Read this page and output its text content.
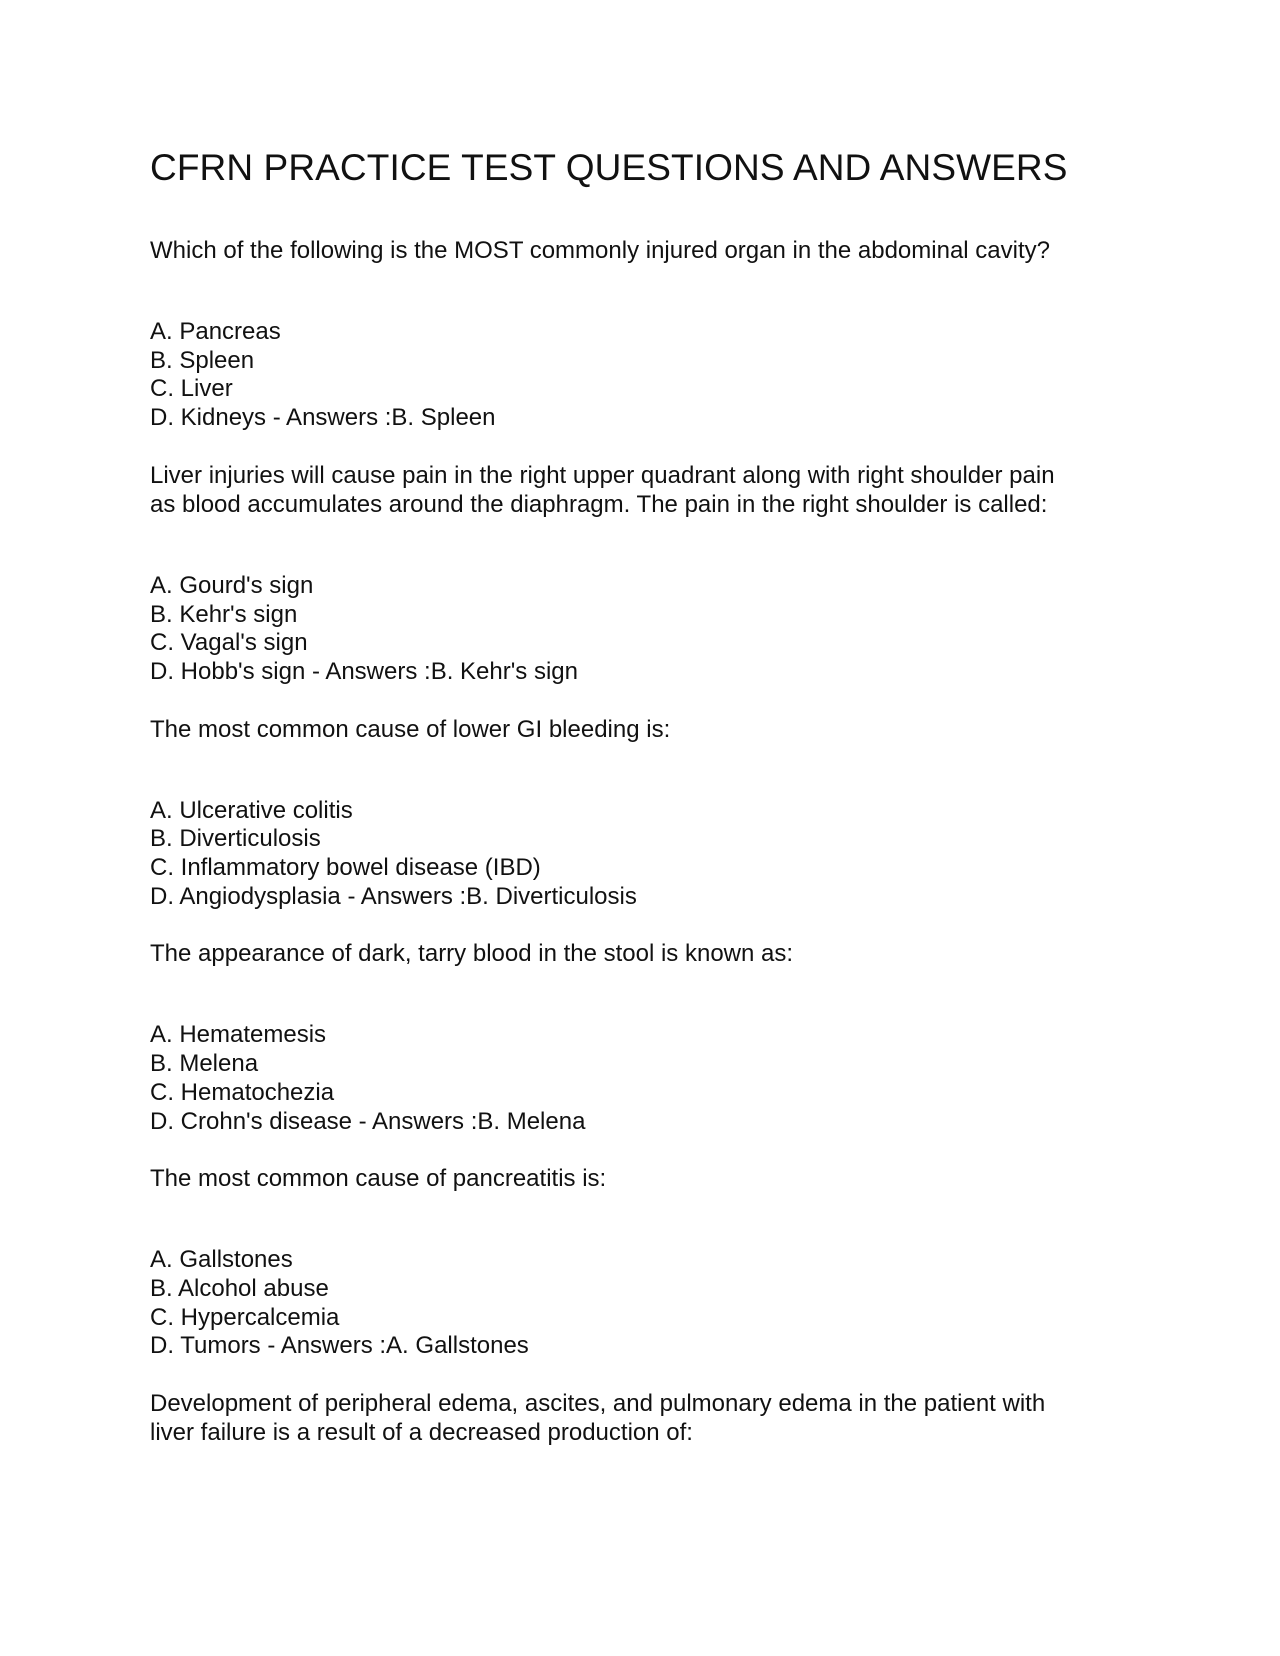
CFRN PRACTICE TEST QUESTIONS AND ANSWERS

Which of the following is the MOST commonly injured organ in the abdominal cavity?

A. Pancreas
B. Spleen
C. Liver
D. Kidneys - Answers :B. Spleen

Liver injuries will cause pain in the right upper quadrant along with right shoulder pain
as blood accumulates around the diaphragm. The pain in the right shoulder is called:

A. Gourd's sign
B. Kehr's sign
C. Vagal's sign
D. Hobb's sign - Answers :B. Kehr's sign

The most common cause of lower GI bleeding is:

A. Ulcerative colitis
B. Diverticulosis
C. Inflammatory bowel disease (IBD)
D. Angiodysplasia - Answers :B. Diverticulosis

The appearance of dark, tarry blood in the stool is known as:

A. Hematemesis
B. Melena
C. Hematochezia
D. Crohn's disease - Answers :B. Melena

The most common cause of pancreatitis is:

A. Gallstones
B. Alcohol abuse
C. Hypercalcemia
D. Tumors - Answers :A. Gallstones

Development of peripheral edema, ascites, and pulmonary edema in the patient with
liver failure is a result of a decreased production of:
